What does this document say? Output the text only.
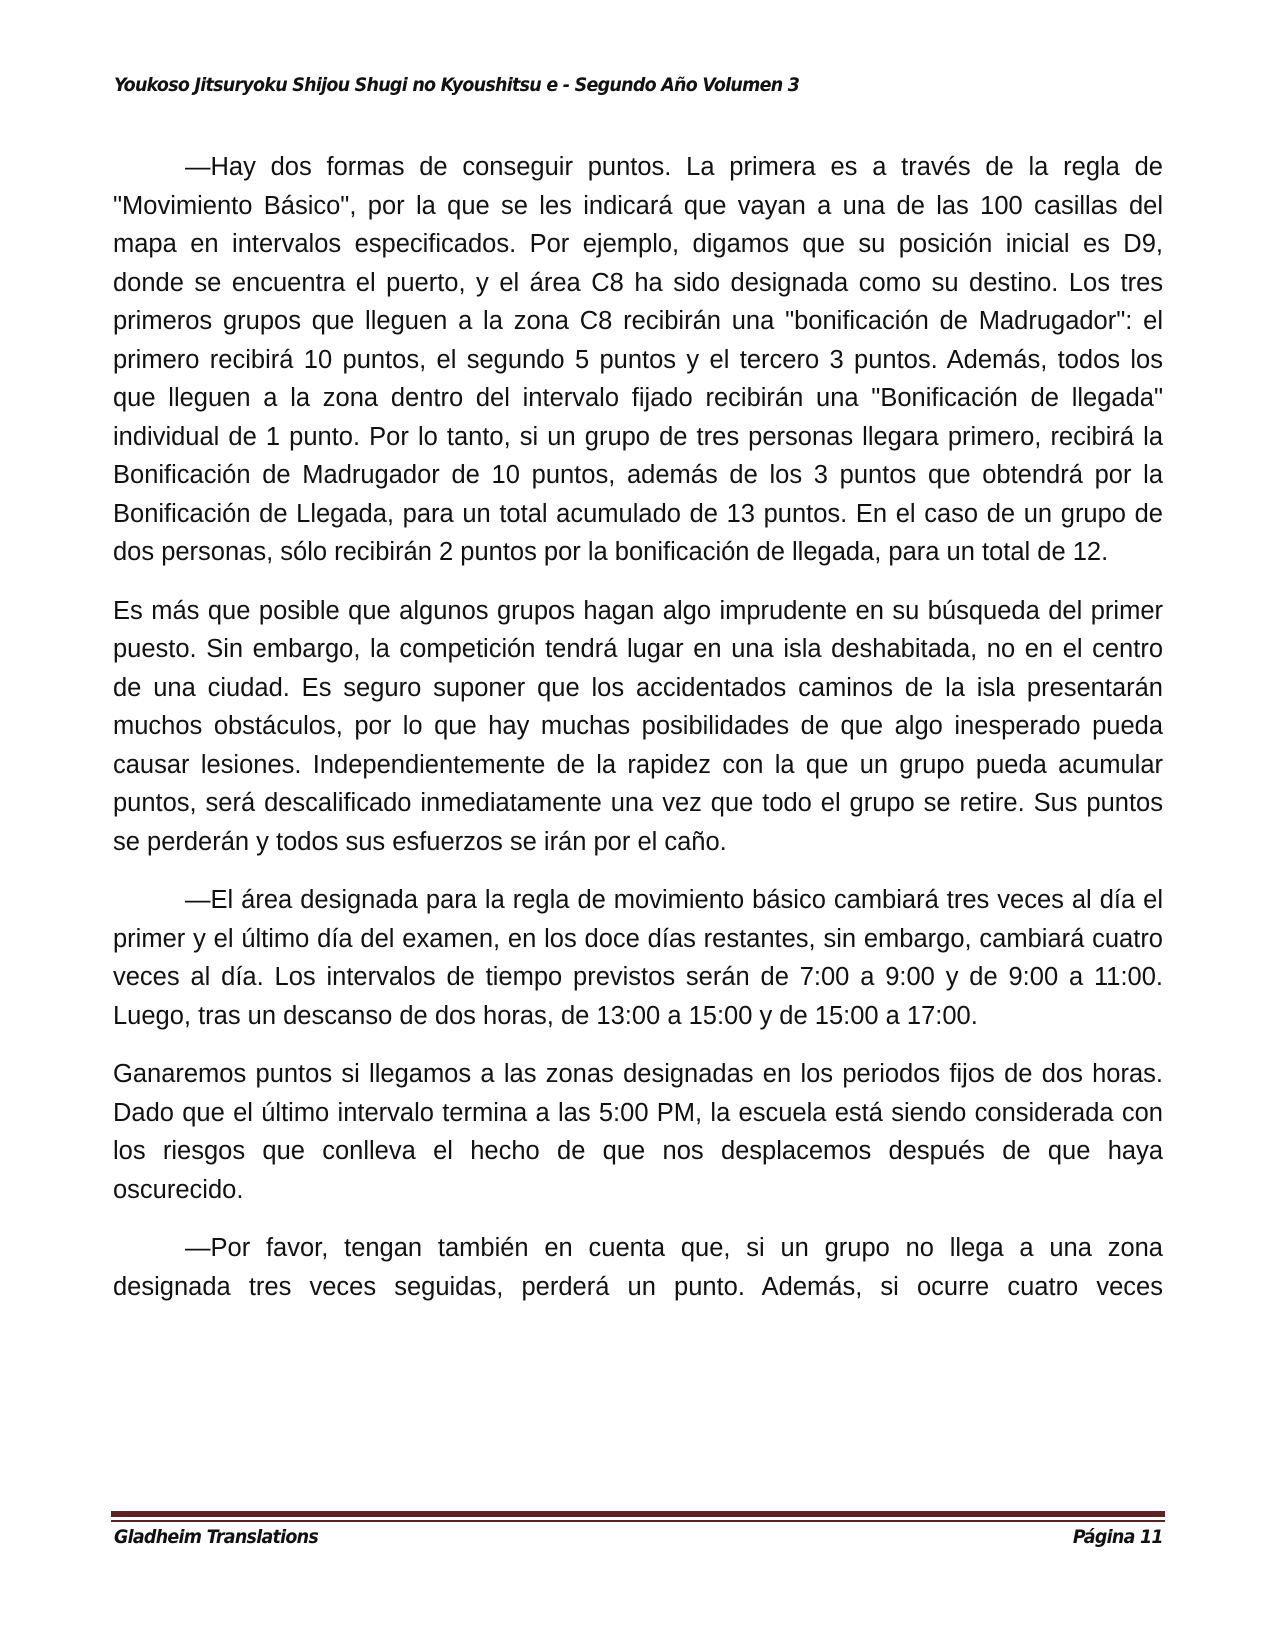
Youkoso Jitsuryoku Shijou Shugi no Kyoushitsu e - Segundo Año Volumen 3

—Hay dos formas de conseguir puntos. La primera es a través de la regla de "Movimiento Básico", por la que se les indicará que vayan a una de las 100 casillas del mapa en intervalos especificados. Por ejemplo, digamos que su posición inicial es D9, donde se encuentra el puerto, y el área C8 ha sido designada como su destino. Los tres primeros grupos que lleguen a la zona C8 recibirán una "bonificación de Madrugador": el primero recibirá 10 puntos, el segundo 5 puntos y el tercero 3 puntos. Además, todos los que lleguen a la zona dentro del intervalo fijado recibirán una "Bonificación de llegada" individual de 1 punto. Por lo tanto, si un grupo de tres personas llegara primero, recibirá la Bonificación de Madrugador de 10 puntos, además de los 3 puntos que obtendrá por la Bonificación de Llegada, para un total acumulado de 13 puntos. En el caso de un grupo de dos personas, sólo recibirán 2 puntos por la bonificación de llegada, para un total de 12.

Es más que posible que algunos grupos hagan algo imprudente en su búsqueda del primer puesto. Sin embargo, la competición tendrá lugar en una isla deshabitada, no en el centro de una ciudad. Es seguro suponer que los accidentados caminos de la isla presentarán muchos obstáculos, por lo que hay muchas posibilidades de que algo inesperado pueda causar lesiones. Independientemente de la rapidez con la que un grupo pueda acumular puntos, será descalificado inmediatamente una vez que todo el grupo se retire. Sus puntos se perderán y todos sus esfuerzos se irán por el caño.

—El área designada para la regla de movimiento básico cambiará tres veces al día el primer y el último día del examen, en los doce días restantes, sin embargo, cambiará cuatro veces al día. Los intervalos de tiempo previstos serán de 7:00 a 9:00 y de 9:00 a 11:00. Luego, tras un descanso de dos horas, de 13:00 a 15:00 y de 15:00 a 17:00.

Ganaremos puntos si llegamos a las zonas designadas en los periodos fijos de dos horas. Dado que el último intervalo termina a las 5:00 PM, la escuela está siendo considerada con los riesgos que conlleva el hecho de que nos desplacemos después de que haya oscurecido.

—Por favor, tengan también en cuenta que, si un grupo no llega a una zona designada tres veces seguidas, perderá un punto. Además, si ocurre cuatro veces

Gladheim Translations	Página 11
